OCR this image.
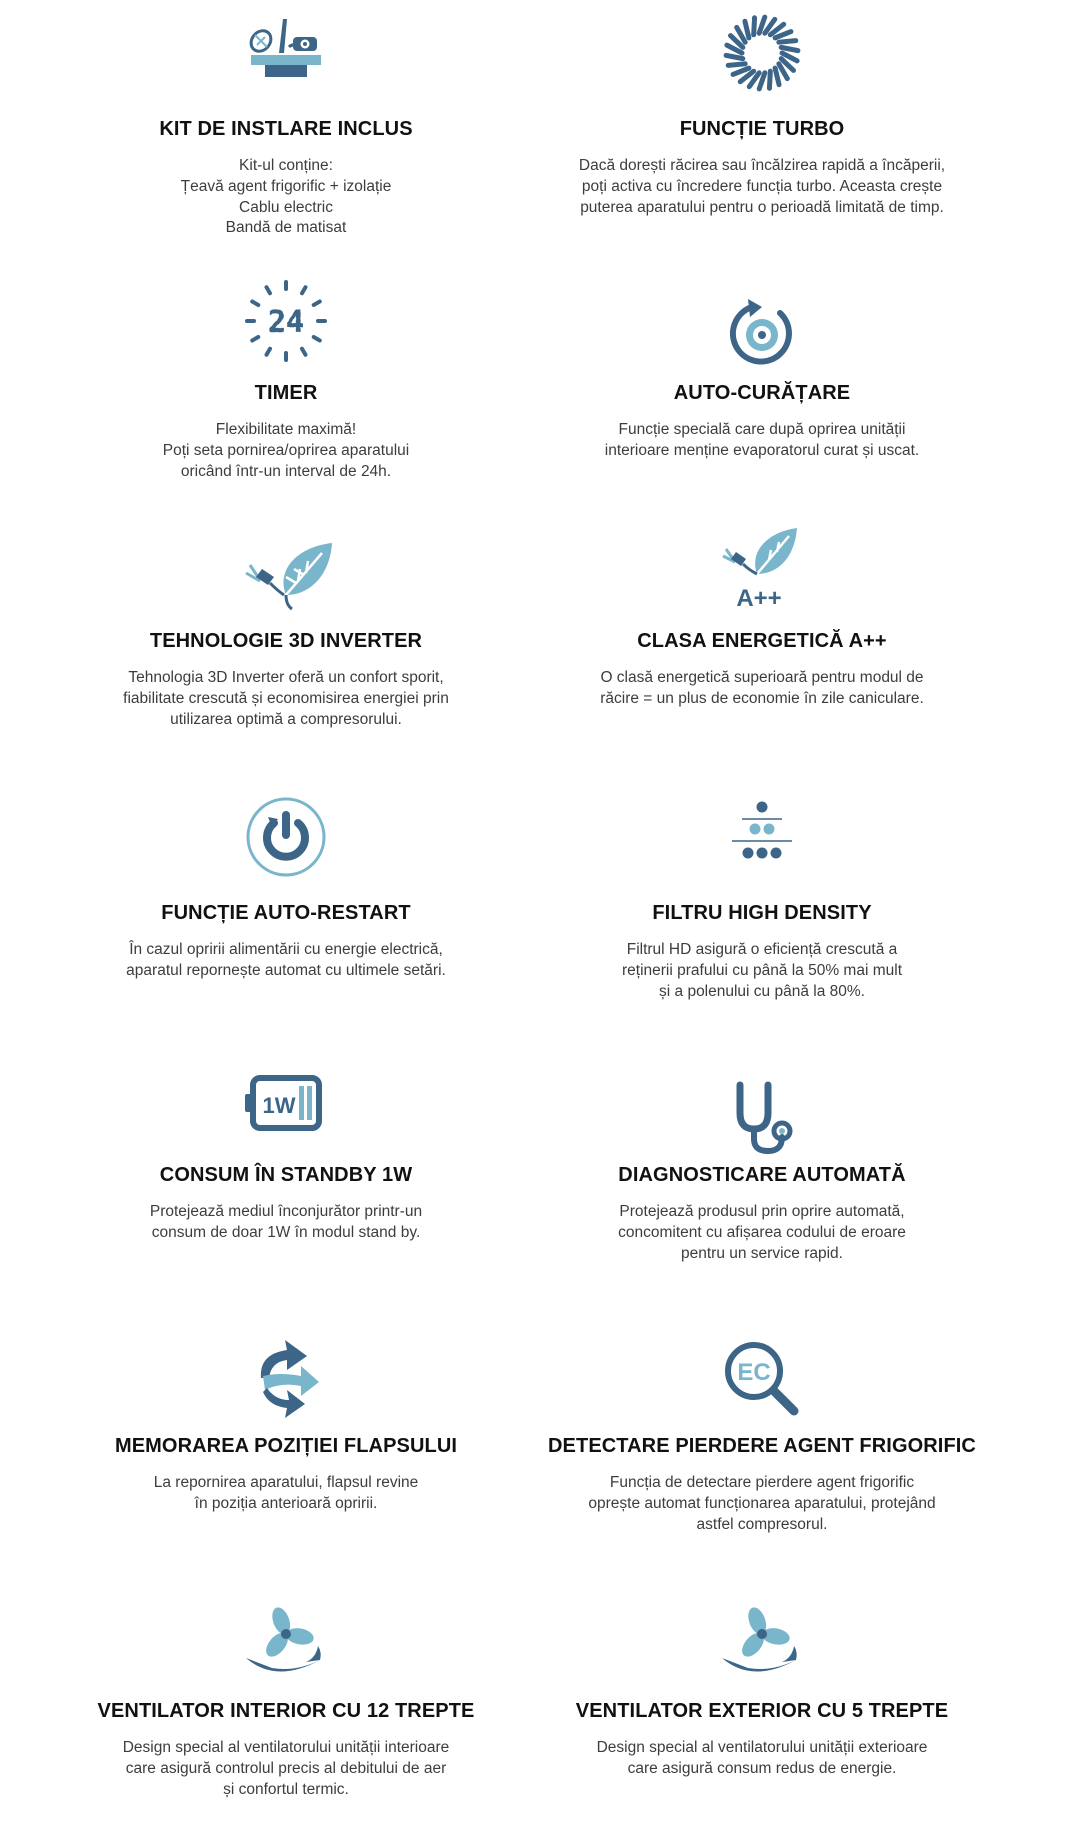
KIT DE INSTLARE INCLUS
Kit-ul conține:
Țeavă agent frigorific + izolație
Cablu electric
Bandă de matisat
FUNCȚIE TURBO
Dacă dorești răcirea sau încălzirea rapidă a încăperii,
poți activa cu încredere funcția turbo. Aceasta crește
puterea aparatului pentru o perioadă limitată de timp.
24
TIMER
Flexibilitate maximă!
Poți seta pornirea/oprirea aparatului
oricând într-un interval de 24h.
AUTO-CURĂȚARE
Funcție specială care după oprirea unității
interioare menține evaporatorul curat și uscat.
TEHNOLOGIE 3D INVERTER
Tehnologia 3D Inverter oferă un confort sporit,
fiabilitate crescută și economisirea energiei prin
utilizarea optimă a compresorului.
A++
CLASA ENERGETICĂ A++
O clasă energetică superioară pentru modul de
răcire = un plus de economie în zile caniculare.
FUNCȚIE AUTO-RESTART
În cazul opririi alimentării cu energie electrică,
aparatul repornește automat cu ultimele setări.
FILTRU HIGH DENSITY
Filtrul HD asigură o eficiență crescută a
reținerii prafului cu până la 50% mai mult
și a polenului cu până la 80%.
1W
CONSUM ÎN STANDBY 1W
Protejează mediul înconjurător printr-un
consum de doar 1W în modul stand by.
DIAGNOSTICARE AUTOMATĂ
Protejează produsul prin oprire automată,
concomitent cu afișarea codului de eroare
pentru un service rapid.
MEMORAREA POZIȚIEI FLAPSULUI
La repornirea aparatului, flapsul revine
în poziția anterioară opririi.
EC
DETECTARE PIERDERE AGENT FRIGORIFIC
Funcția de detectare pierdere agent frigorific
oprește automat funcționarea aparatului, protejând
astfel compresorul.
VENTILATOR INTERIOR CU 12 TREPTE
Design special al ventilatorului unității interioare
care asigură controlul precis al debitului de aer
și confortul termic.
VENTILATOR EXTERIOR CU 5 TREPTE
Design special al ventilatorului unității exterioare
care asigură consum redus de energie.
